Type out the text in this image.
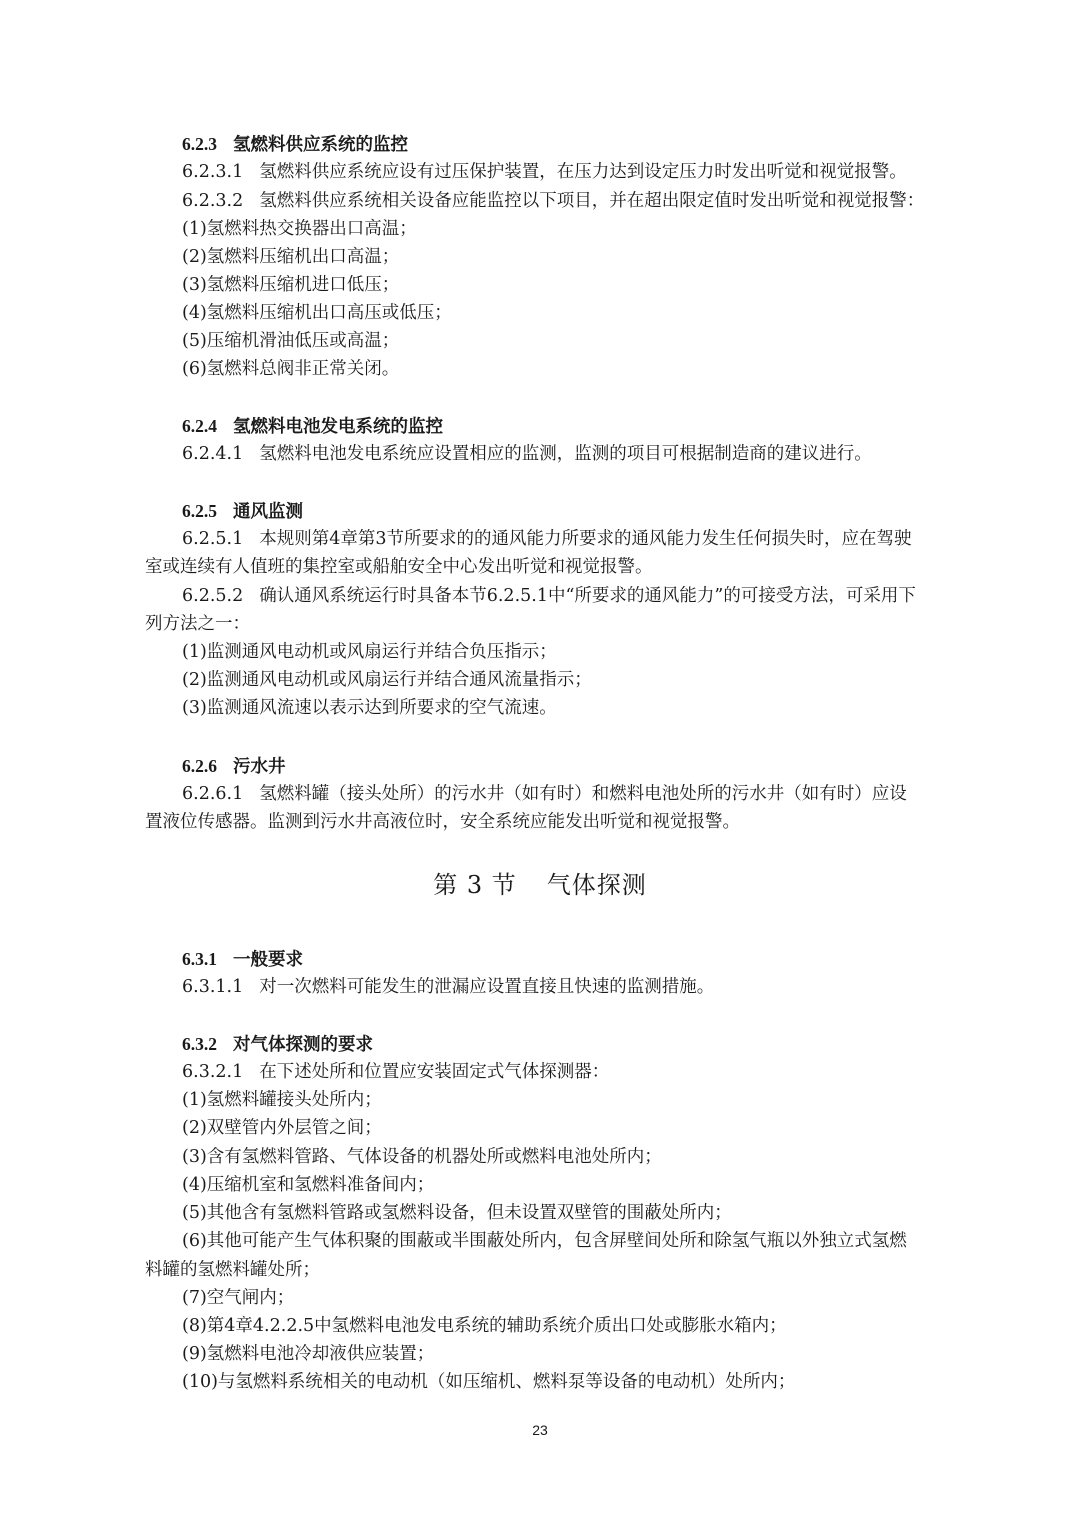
23
6.2.3 氢燃料供应系统的监控
6.2.3.1 氢燃料供应系统应设有过压保护装置，在压力达到设定压力时发出听觉和视觉报警。
6.2.3.2 氢燃料供应系统相关设备应能监控以下项目，并在超出限定值时发出听觉和视觉报警：
(1)氢燃料热交换器出口高温；
(2)氢燃料压缩机出口高温；
(3)氢燃料压缩机进口低压；
(4)氢燃料压缩机出口高压或低压；
(5)压缩机滑油低压或高温；
(6)氢燃料总阀非正常关闭。
6.2.4 氢燃料电池发电系统的监控
6.2.4.1 氢燃料电池发电系统应设置相应的监测，监测的项目可根据制造商的建议进行。
6.2.5 通风监测
6.2.5.1 本规则第4章第3节所要求的的通风能力所要求的通风能力发生任何损失时，应在驾驶
室或连续有人值班的集控室或船舶安全中心发出听觉和视觉报警。
6.2.5.2 确认通风系统运行时具备本节6.2.5.1中“所要求的通风能力”的可接受方法，可采用下
列方法之一：
(1)监测通风电动机或风扇运行并结合负压指示；
(2)监测通风电动机或风扇运行并结合通风流量指示；
(3)监测通风流速以表示达到所要求的空气流速。
6.2.6 污水井
6.2.6.1 氢燃料罐（接头处所）的污水井（如有时）和燃料电池处所的污水井（如有时）应设
置液位传感器。监测到污水井高液位时，安全系统应能发出听觉和视觉报警。
第 3 节 气体探测
6.3.1 一般要求
6.3.1.1 对一次燃料可能发生的泄漏应设置直接且快速的监测措施。
6.3.2 对气体探测的要求
6.3.2.1 在下述处所和位置应安装固定式气体探测器：
(1)氢燃料罐接头处所内；
(2)双壁管内外层管之间；
(3)含有氢燃料管路、气体设备的机器处所或燃料电池处所内；
(4)压缩机室和氢燃料准备间内；
(5)其他含有氢燃料管路或氢燃料设备，但未设置双壁管的围蔽处所内；
(6)其他可能产生气体积聚的围蔽或半围蔽处所内，包含屏壁间处所和除氢气瓶以外独立式氢燃
料罐的氢燃料罐处所；
(7)空气闸内；
(8)第4章4.2.2.5中氢燃料电池发电系统的辅助系统介质出口处或膨胀水箱内；
(9)氢燃料电池冷却液供应装置；
(10)与氢燃料系统相关的电动机（如压缩机、燃料泵等设备的电动机）处所内；
